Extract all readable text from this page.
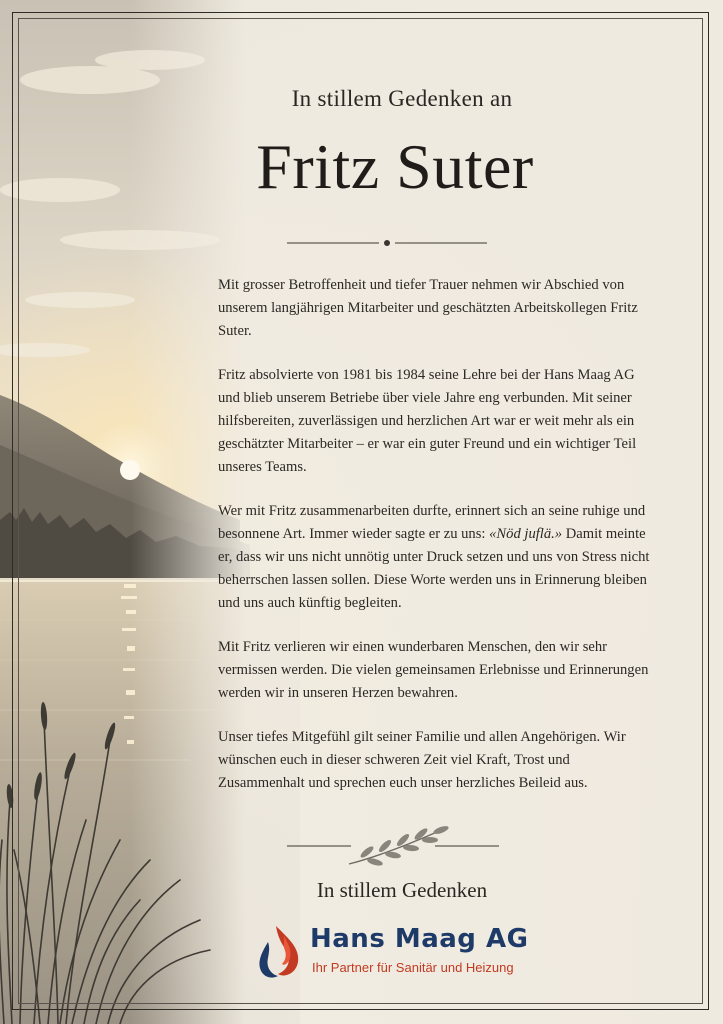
In stillem Gedenken an
Fritz Suter

Mit grosser Betroffenheit und tiefer Trauer nehmen wir Abschied von unserem langjährigen Mitarbeiter und geschätzten Arbeitskollegen Fritz Suter.

Fritz absolvierte von 1981 bis 1984 seine Lehre bei der Hans Maag AG und blieb unserem Betriebe über viele Jahre eng verbunden. Mit seiner hilfsbereiten, zuverlässigen und herzlichen Art war er weit mehr als ein geschätzter Mitarbeiter – er war ein guter Freund und ein wichtiger Teil unseres Teams.

Wer mit Fritz zusammenarbeiten durfte, erinnert sich an seine ruhige und besonnene Art. Immer wieder sagte er zu uns: «Nöd juflä.» Damit meinte er, dass wir uns nicht unnötig unter Druck setzen und uns von Stress nicht beherrschen lassen sollen. Diese Worte werden uns in Erinnerung bleiben und uns auch künftig begleiten.

Mit Fritz verlieren wir einen wunderbaren Menschen, den wir sehr vermissen werden. Die vielen gemeinsamen Erlebnisse und Erinnerungen werden wir in unseren Herzen bewahren.

Unser tiefes Mitgefühl gilt seiner Familie und allen Angehörigen. Wir wünschen euch in dieser schweren Zeit viel Kraft, Trost und Zusammenhalt und sprechen euch unser herzliches Beileid aus.

In stillem Gedenken
Hans Maag AG
Ihr Partner für Sanitär und Heizung
